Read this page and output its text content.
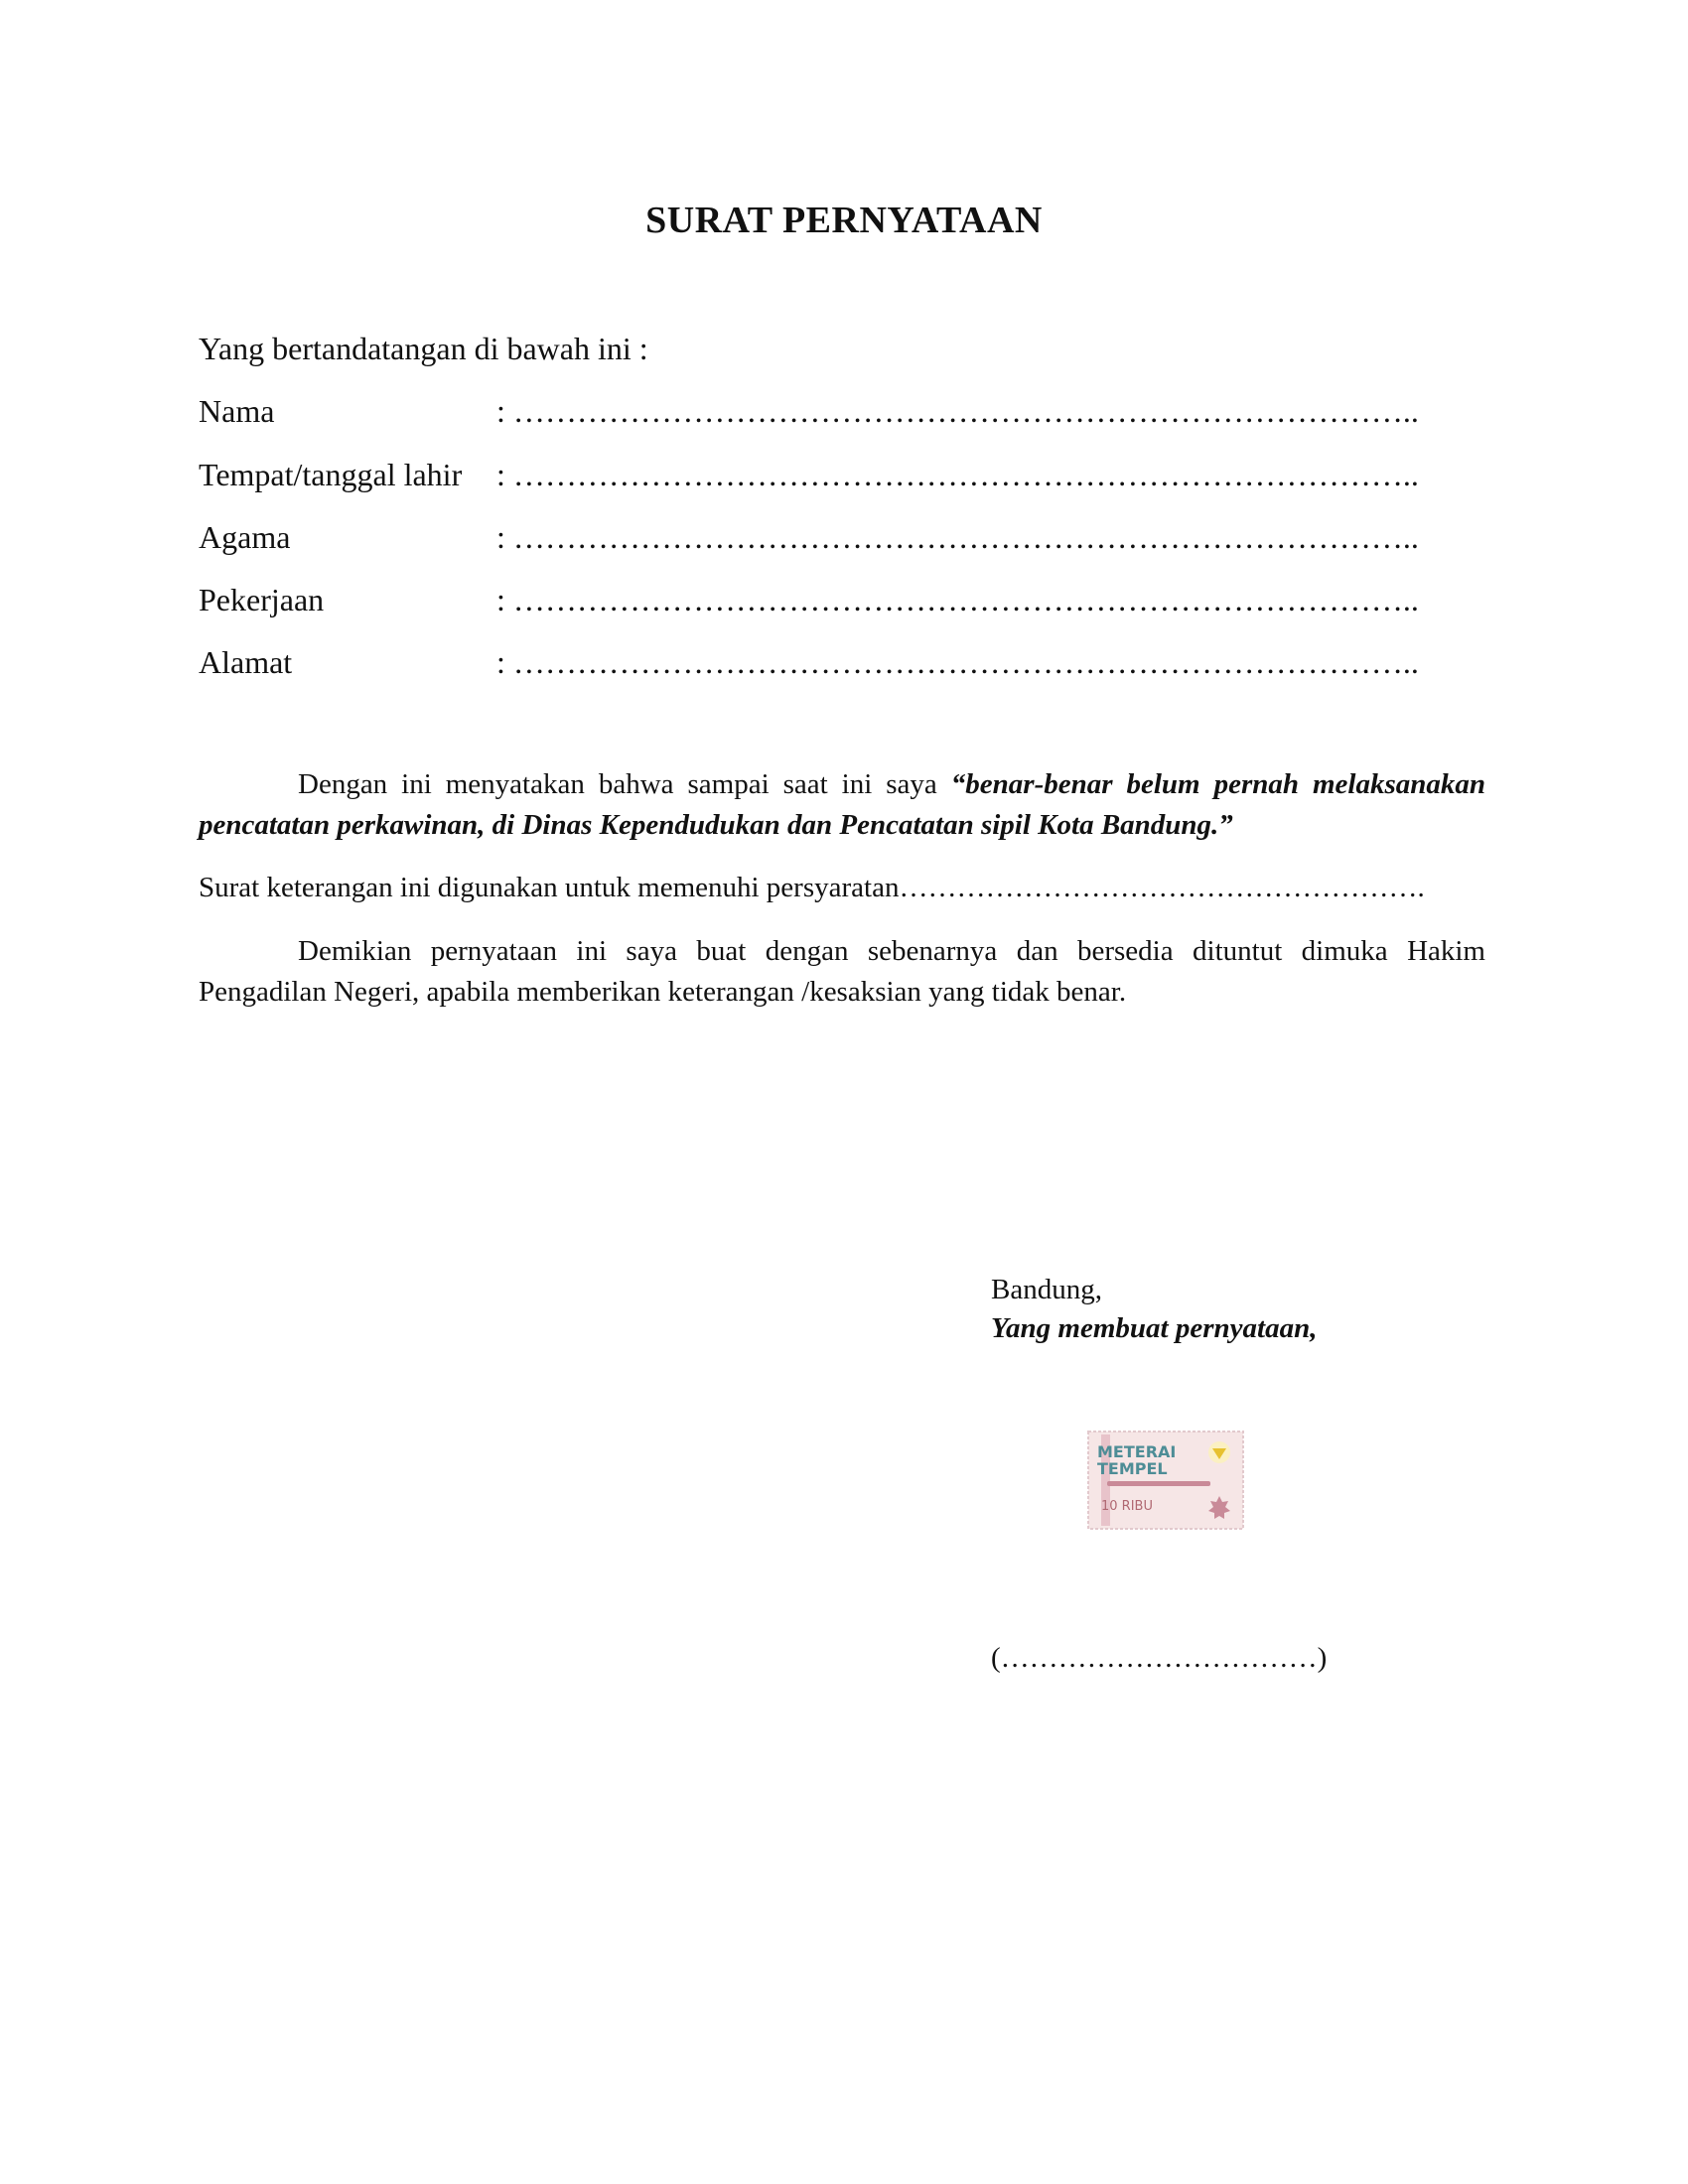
SURAT PERNYATAAN
Yang bertandatangan di bawah ini :
Nama	: …………………………………………………………………………..
Tempat/tanggal lahir : …………………………………………………………………………..
Agama	: …………………………………………………………………………..
Pekerjaan	: …………………………………………………………………………..
Alamat	: …………………………………………………………………………..
Dengan ini menyatakan bahwa sampai saat ini saya “benar-benar belum pernah melaksanakan pencatatan perkawinan, di Dinas Kependudukan dan Pencatatan sipil Kota Bandung.”
Surat keterangan ini digunakan untuk memenuhi persyaratan……………………………………………….
Demikian pernyataan ini saya buat dengan sebenarnya dan bersedia dituntut dimuka Hakim Pengadilan Negeri, apabila memberikan keterangan /kesaksian yang tidak benar.
Bandung,
Yang membuat pernyataan,
METERAI
TEMPEL
10 RIBU
(……………………………)
